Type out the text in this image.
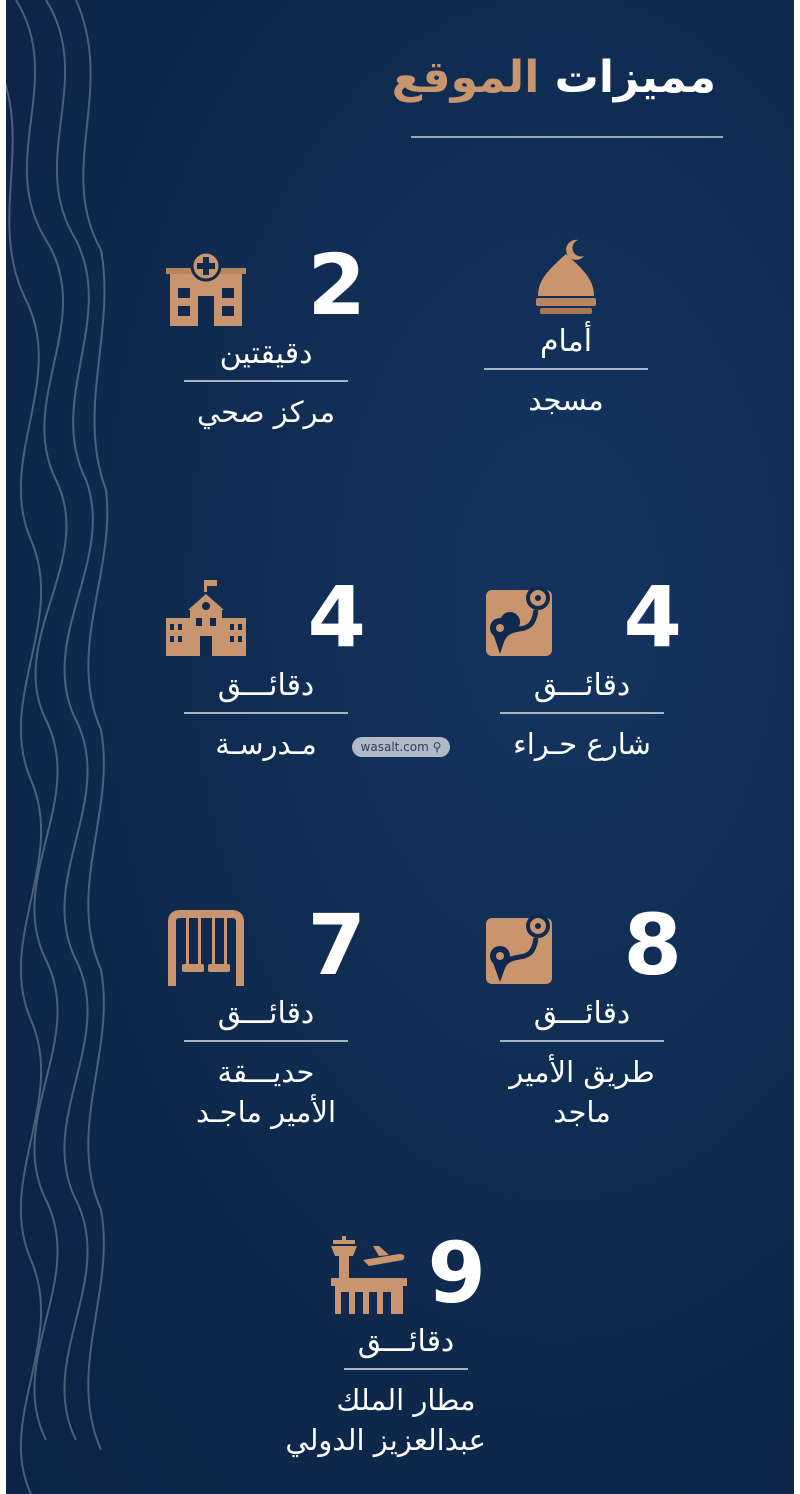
مميزات الموقع
أمام
مسجد
2
دقيقتين
مركز صحي
4
دقائـــق
شارع حـراء
4
دقائـــق
مـدرسـة	wasalt.com ⚲
8
دقائـــق
طريق الأمير
ماجد
7
دقائـــق
حديـــقة
الأمير ماجـد
9
دقائـــق
مطار الملك
عبدالعزيز الدولي
